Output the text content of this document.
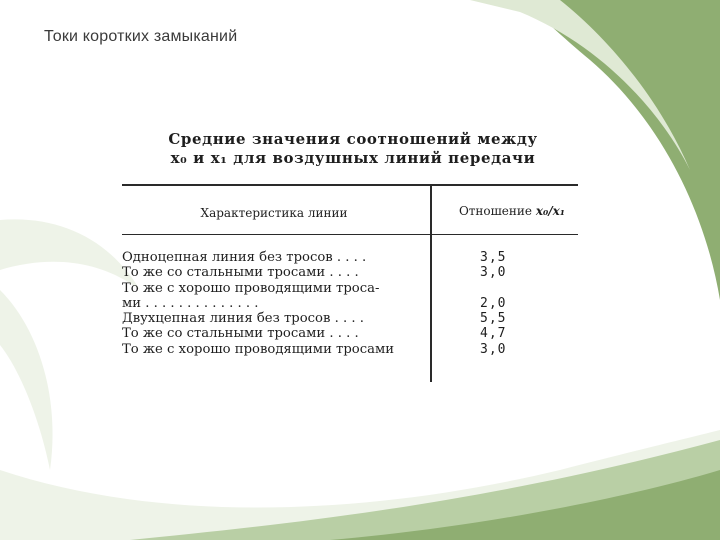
Токи коротких замыканий
Средние значения соотношений между
x₀ и x₁ для воздушных линий передачи
Характеристика линии	Отношение x₀/x₁
Одноцепная линия без тросов . . . .	3,5
То же со стальными тросами . . . .	3,0
То же с хорошо проводящими троса-
ми . . . . . . . . . . . . . .	2,0
Двухцепная линия без тросов . . . .	5,5
То же со стальными тросами . . . .	4,7
То же с хорошо проводящими тросами	3,0
